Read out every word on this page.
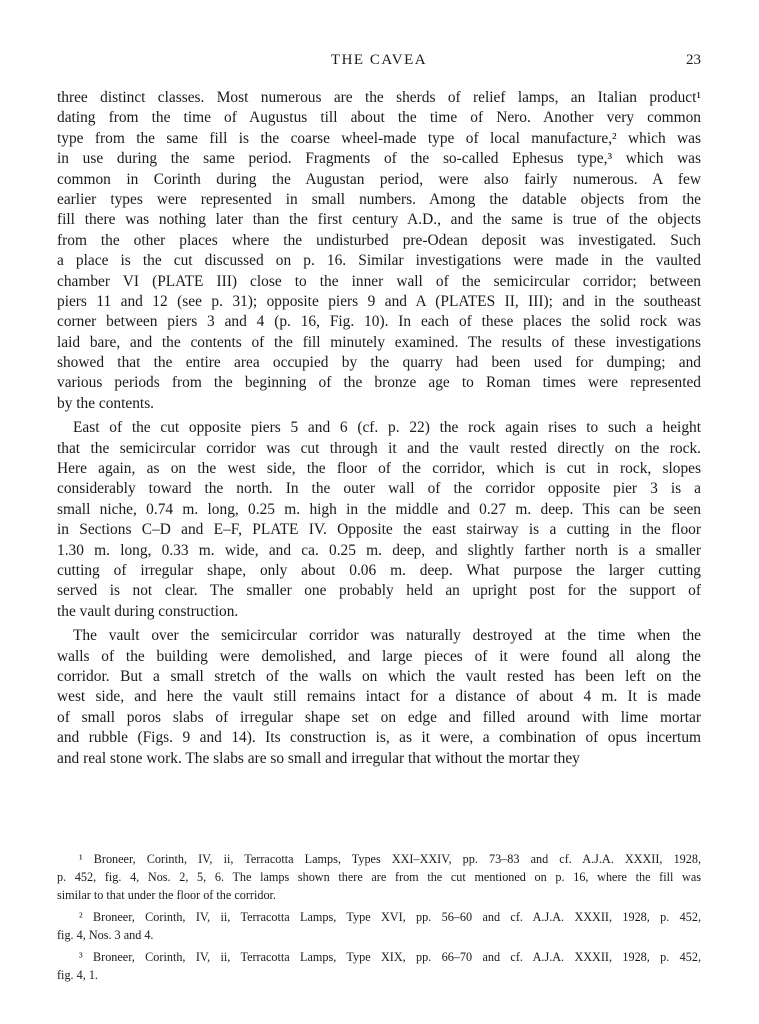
THE CAVEA	23
three distinct classes. Most numerous are the sherds of relief lamps, an Italian product¹
dating from the time of Augustus till about the time of Nero. Another very common
type from the same fill is the coarse wheel-made type of local manufacture,² which was
in use during the same period. Fragments of the so-called Ephesus type,³ which was
common in Corinth during the Augustan period, were also fairly numerous. A few
earlier types were represented in small numbers. Among the datable objects from the
fill there was nothing later than the first century A.D., and the same is true of the objects
from the other places where the undisturbed pre-Odean deposit was investigated. Such
a place is the cut discussed on p. 16. Similar investigations were made in the vaulted
chamber VI (PLATE III) close to the inner wall of the semicircular corridor; between
piers 11 and 12 (see p. 31); opposite piers 9 and A (PLATES II, III); and in the southeast
corner between piers 3 and 4 (p. 16, Fig. 10). In each of these places the solid rock was
laid bare, and the contents of the fill minutely examined. The results of these investigations
showed that the entire area occupied by the quarry had been used for dumping; and
various periods from the beginning of the bronze age to Roman times were represented
by the contents.
East of the cut opposite piers 5 and 6 (cf. p. 22) the rock again rises to such a height
that the semicircular corridor was cut through it and the vault rested directly on the rock.
Here again, as on the west side, the floor of the corridor, which is cut in rock, slopes
considerably toward the north. In the outer wall of the corridor opposite pier 3 is a
small niche, 0.74 m. long, 0.25 m. high in the middle and 0.27 m. deep. This can be seen
in Sections C–D and E–F, PLATE IV. Opposite the east stairway is a cutting in the floor
1.30 m. long, 0.33 m. wide, and ca. 0.25 m. deep, and slightly farther north is a smaller
cutting of irregular shape, only about 0.06 m. deep. What purpose the larger cutting
served is not clear. The smaller one probably held an upright post for the support of
the vault during construction.
The vault over the semicircular corridor was naturally destroyed at the time when the
walls of the building were demolished, and large pieces of it were found all along the
corridor. But a small stretch of the walls on which the vault rested has been left on the
west side, and here the vault still remains intact for a distance of about 4 m. It is made
of small poros slabs of irregular shape set on edge and filled around with lime mortar
and rubble (Figs. 9 and 14). Its construction is, as it were, a combination of opus incertum
and real stone work. The slabs are so small and irregular that without the mortar they
¹ Broneer, Corinth, IV, ii, Terracotta Lamps, Types XXI–XXIV, pp. 73–83 and cf. A.J.A. XXXII, 1928,
p. 452, fig. 4, Nos. 2, 5, 6. The lamps shown there are from the cut mentioned on p. 16, where the fill was
similar to that under the floor of the corridor.
² Broneer, Corinth, IV, ii, Terracotta Lamps, Type XVI, pp. 56–60 and cf. A.J.A. XXXII, 1928, p. 452,
fig. 4, Nos. 3 and 4.
³ Broneer, Corinth, IV, ii, Terracotta Lamps, Type XIX, pp. 66–70 and cf. A.J.A. XXXII, 1928, p. 452,
fig. 4, 1.
